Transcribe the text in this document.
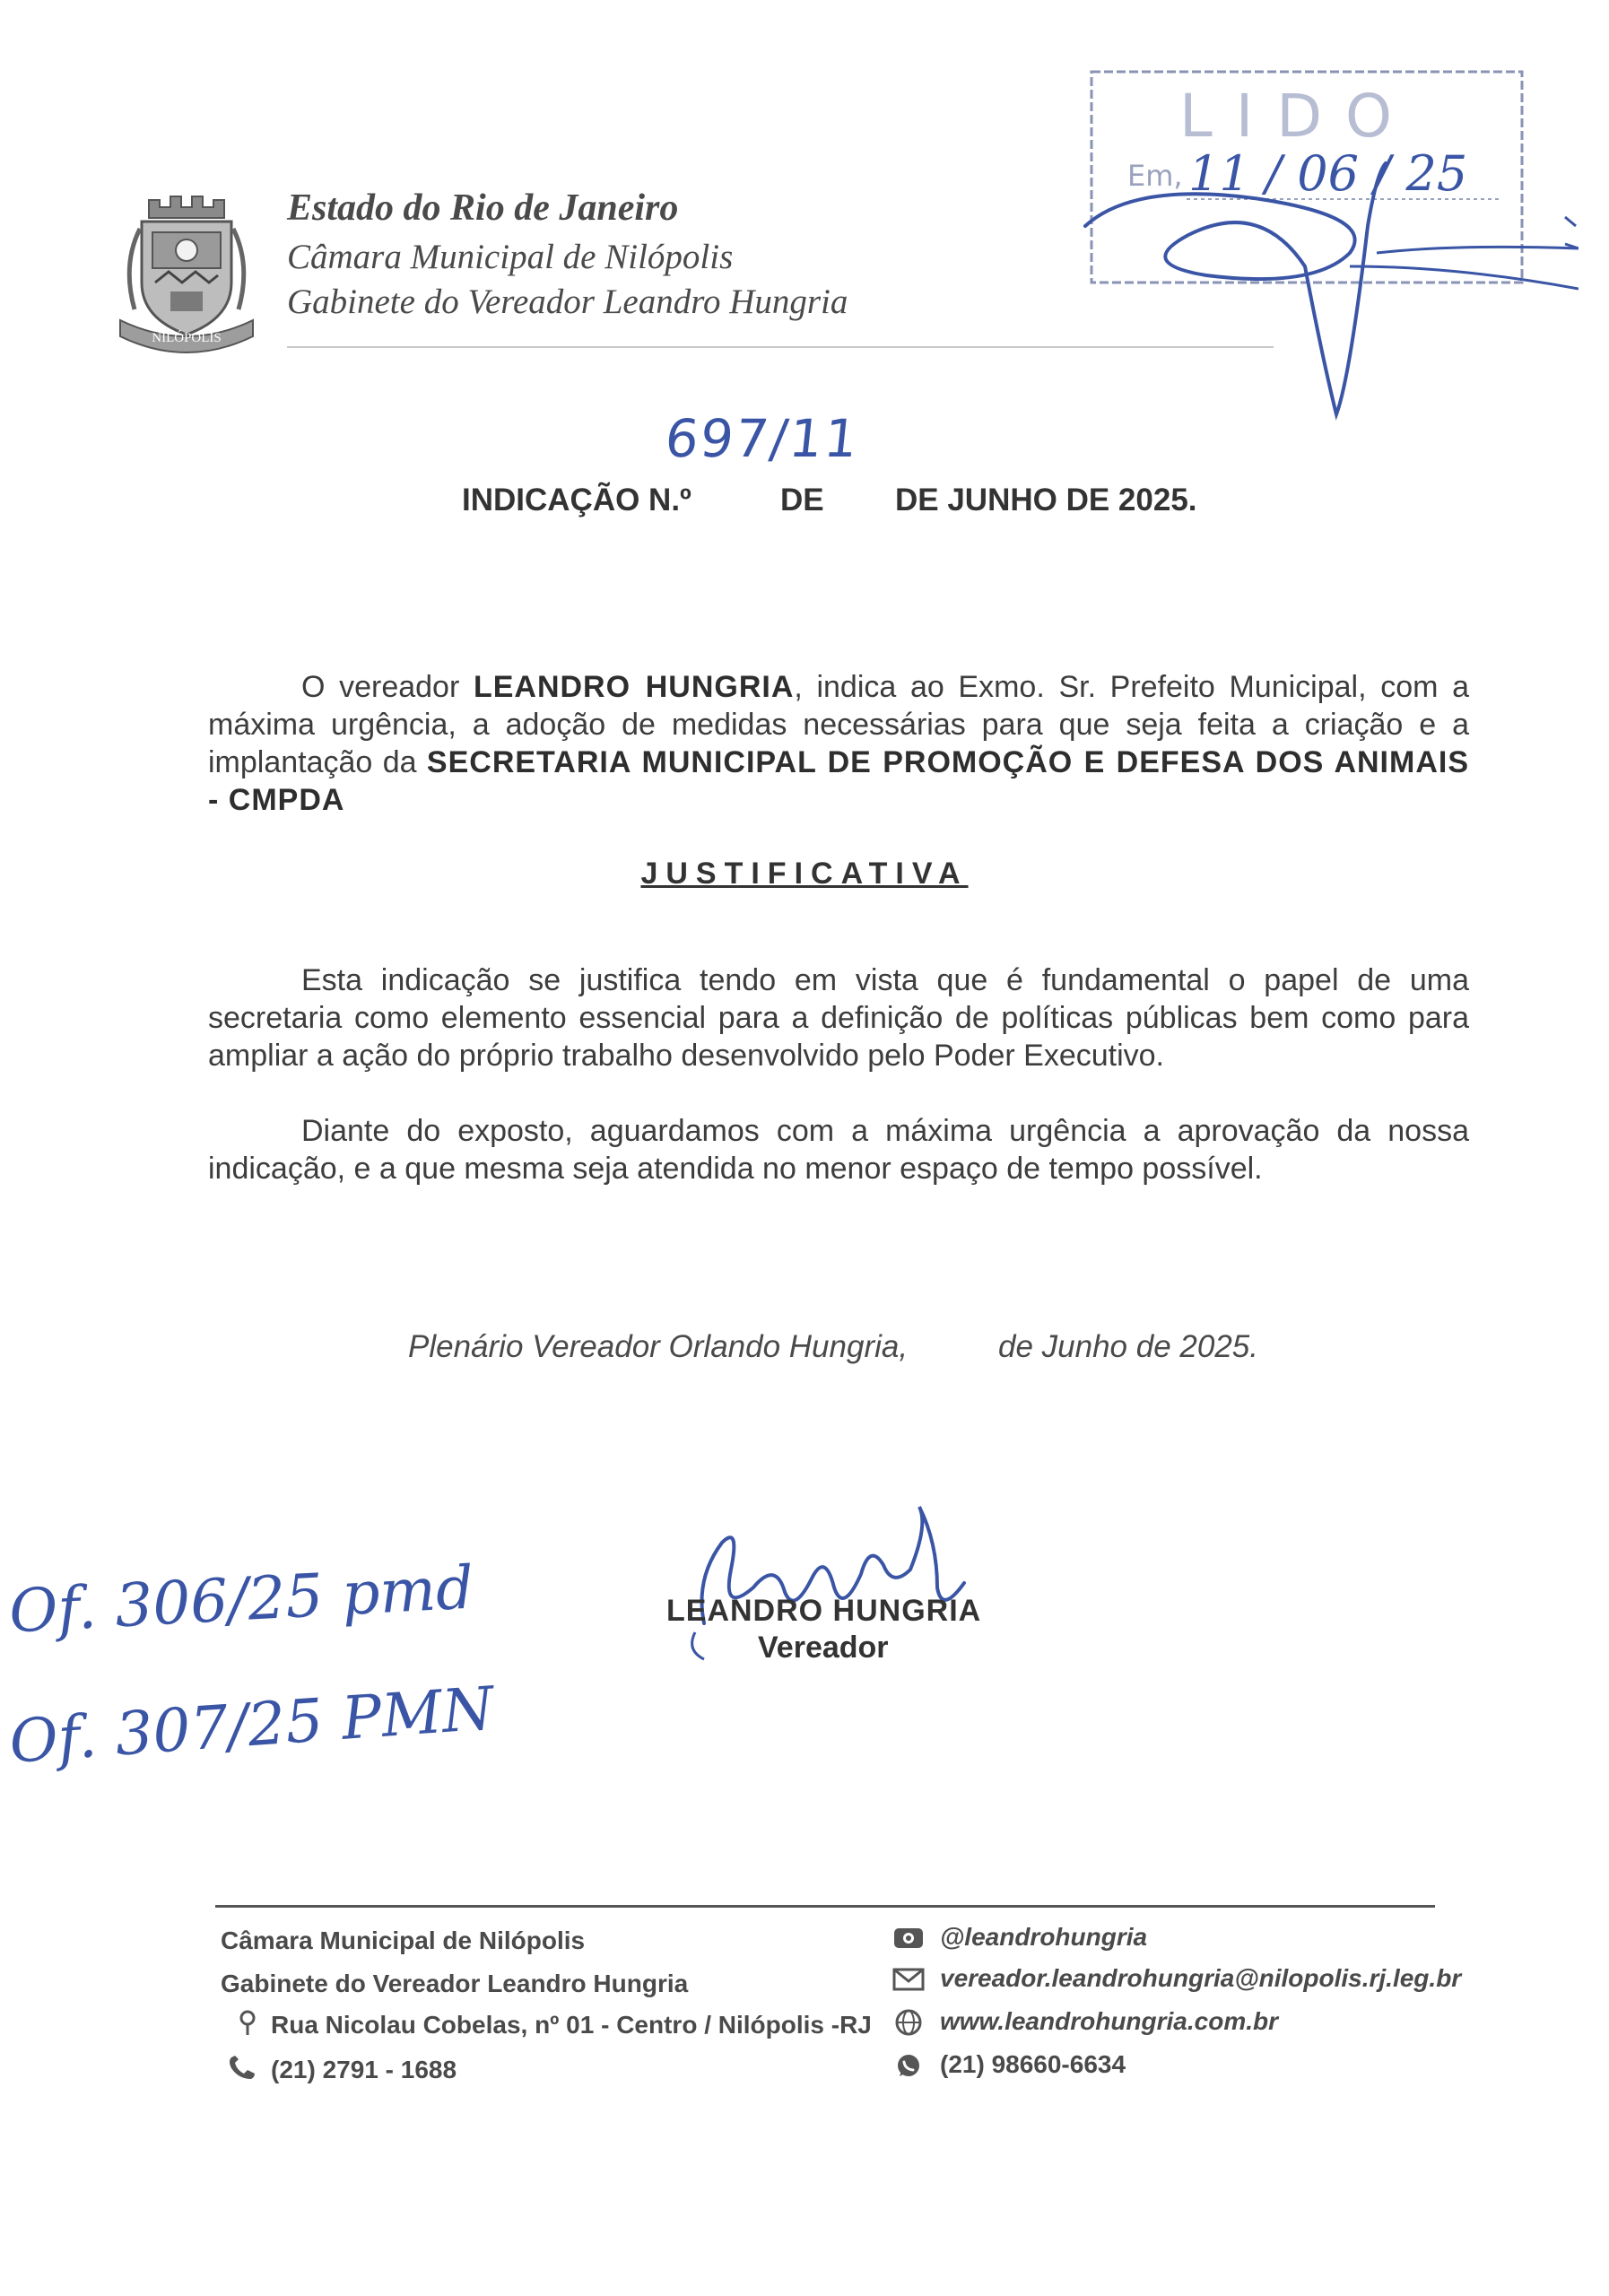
NILÓPOLIS
Estado do Rio de Janeiro
Câmara Municipal de Nilópolis
Gabinete do Vereador Leandro Hungria
LIDO
Em, 11 / 06 / 25
697/11
INDICAÇÃO N.º	DE DE JUNHO DE 2025.
O vereador LEANDRO HUNGRIA, indica ao Exmo. Sr. Prefeito Municipal, com a máxima urgência, a adoção de medidas necessárias para que seja feita a criação e a implantação da SECRETARIA MUNICIPAL DE PROMOÇÃO E DEFESA DOS ANIMAIS - CMPDA
JUSTIFICATIVA
Esta indicação se justifica tendo em vista que é fundamental o papel de uma secretaria como elemento essencial para a definição de políticas públicas bem como para ampliar a ação do próprio trabalho desenvolvido pelo Poder Executivo.
Diante do exposto, aguardamos com a máxima urgência a aprovação da nossa indicação, e a que mesma seja atendida no menor espaço de tempo possível.
Plenário Vereador Orlando Hungria,	de Junho de 2025.
LEANDRO HUNGRIA
Vereador
Of. 306/25 pmd
Of. 307/25 PMN
Câmara Municipal de Nilópolis
Gabinete do Vereador Leandro Hungria
Rua Nicolau Cobelas, nº 01 - Centro / Nilópolis -RJ
(21) 2791 - 1688
@leandrohungria
vereador.leandrohungria@nilopolis.rj.leg.br
www.leandrohungria.com.br
(21) 98660-6634
